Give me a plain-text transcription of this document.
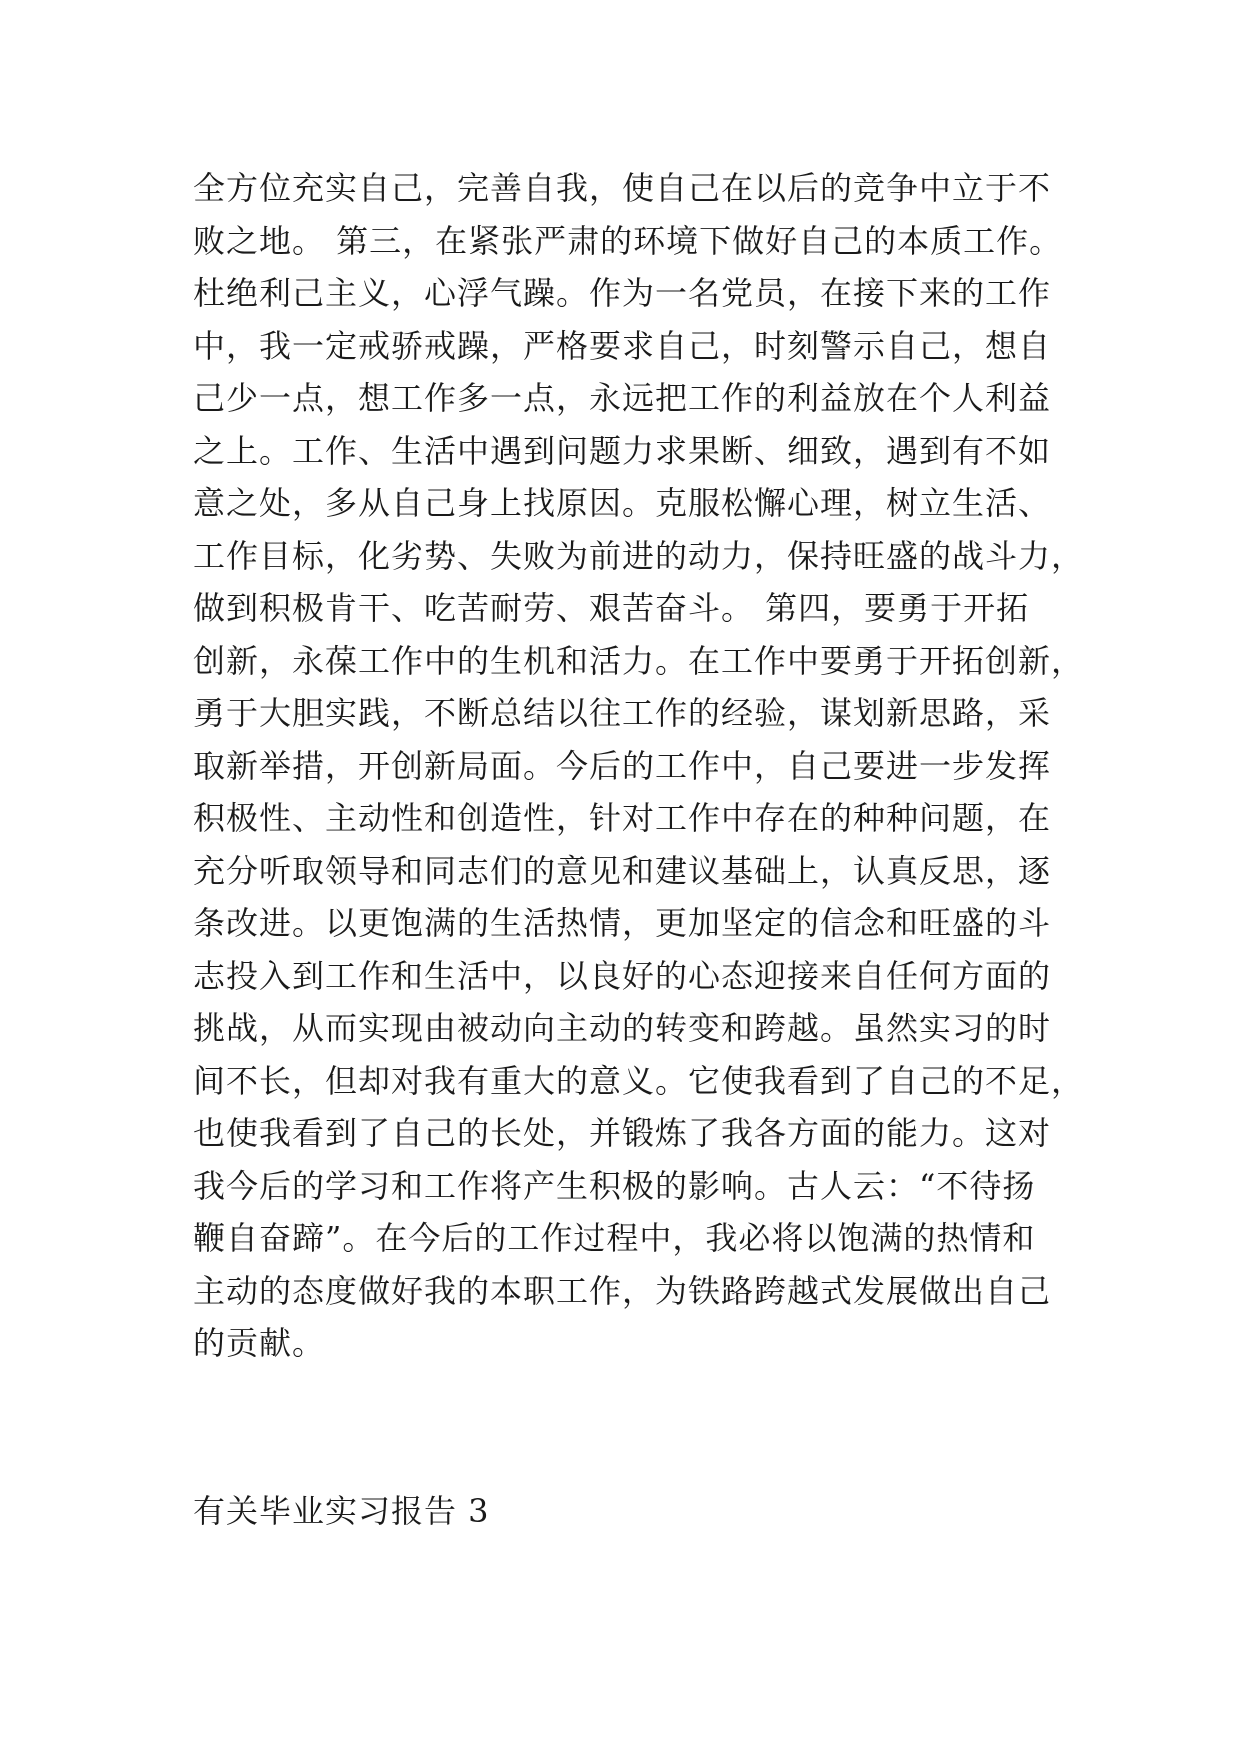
全方位充实自己，完善自我，使自己在以后的竞争中立于不
败之地。 第三，在紧张严肃的环境下做好自己的本质工作。
杜绝利己主义，心浮气躁。作为一名党员，在接下来的工作
中，我一定戒骄戒躁，严格要求自己，时刻警示自己，想自
己少一点，想工作多一点，永远把工作的利益放在个人利益
之上。工作、生活中遇到问题力求果断、细致，遇到有不如
意之处，多从自己身上找原因。克服松懈心理，树立生活、
工作目标，化劣势、失败为前进的动力，保持旺盛的战斗力，
做到积极肯干、吃苦耐劳、艰苦奋斗。 第四，要勇于开拓
创新，永葆工作中的生机和活力。在工作中要勇于开拓创新，
勇于大胆实践，不断总结以往工作的经验，谋划新思路，采
取新举措，开创新局面。今后的工作中，自己要进一步发挥
积极性、主动性和创造性，针对工作中存在的种种问题，在
充分听取领导和同志们的意见和建议基础上，认真反思，逐
条改进。以更饱满的生活热情，更加坚定的信念和旺盛的斗
志投入到工作和生活中，以良好的心态迎接来自任何方面的
挑战，从而实现由被动向主动的转变和跨越。虽然实习的时
间不长，但却对我有重大的意义。它使我看到了自己的不足，
也使我看到了自己的长处，并锻炼了我各方面的能力。这对
我今后的学习和工作将产生积极的影响。古人云：“不待扬
鞭自奋蹄”。在今后的工作过程中，我必将以饱满的热情和
主动的态度做好我的本职工作，为铁路跨越式发展做出自己
的贡献。
有关毕业实习报告 3
